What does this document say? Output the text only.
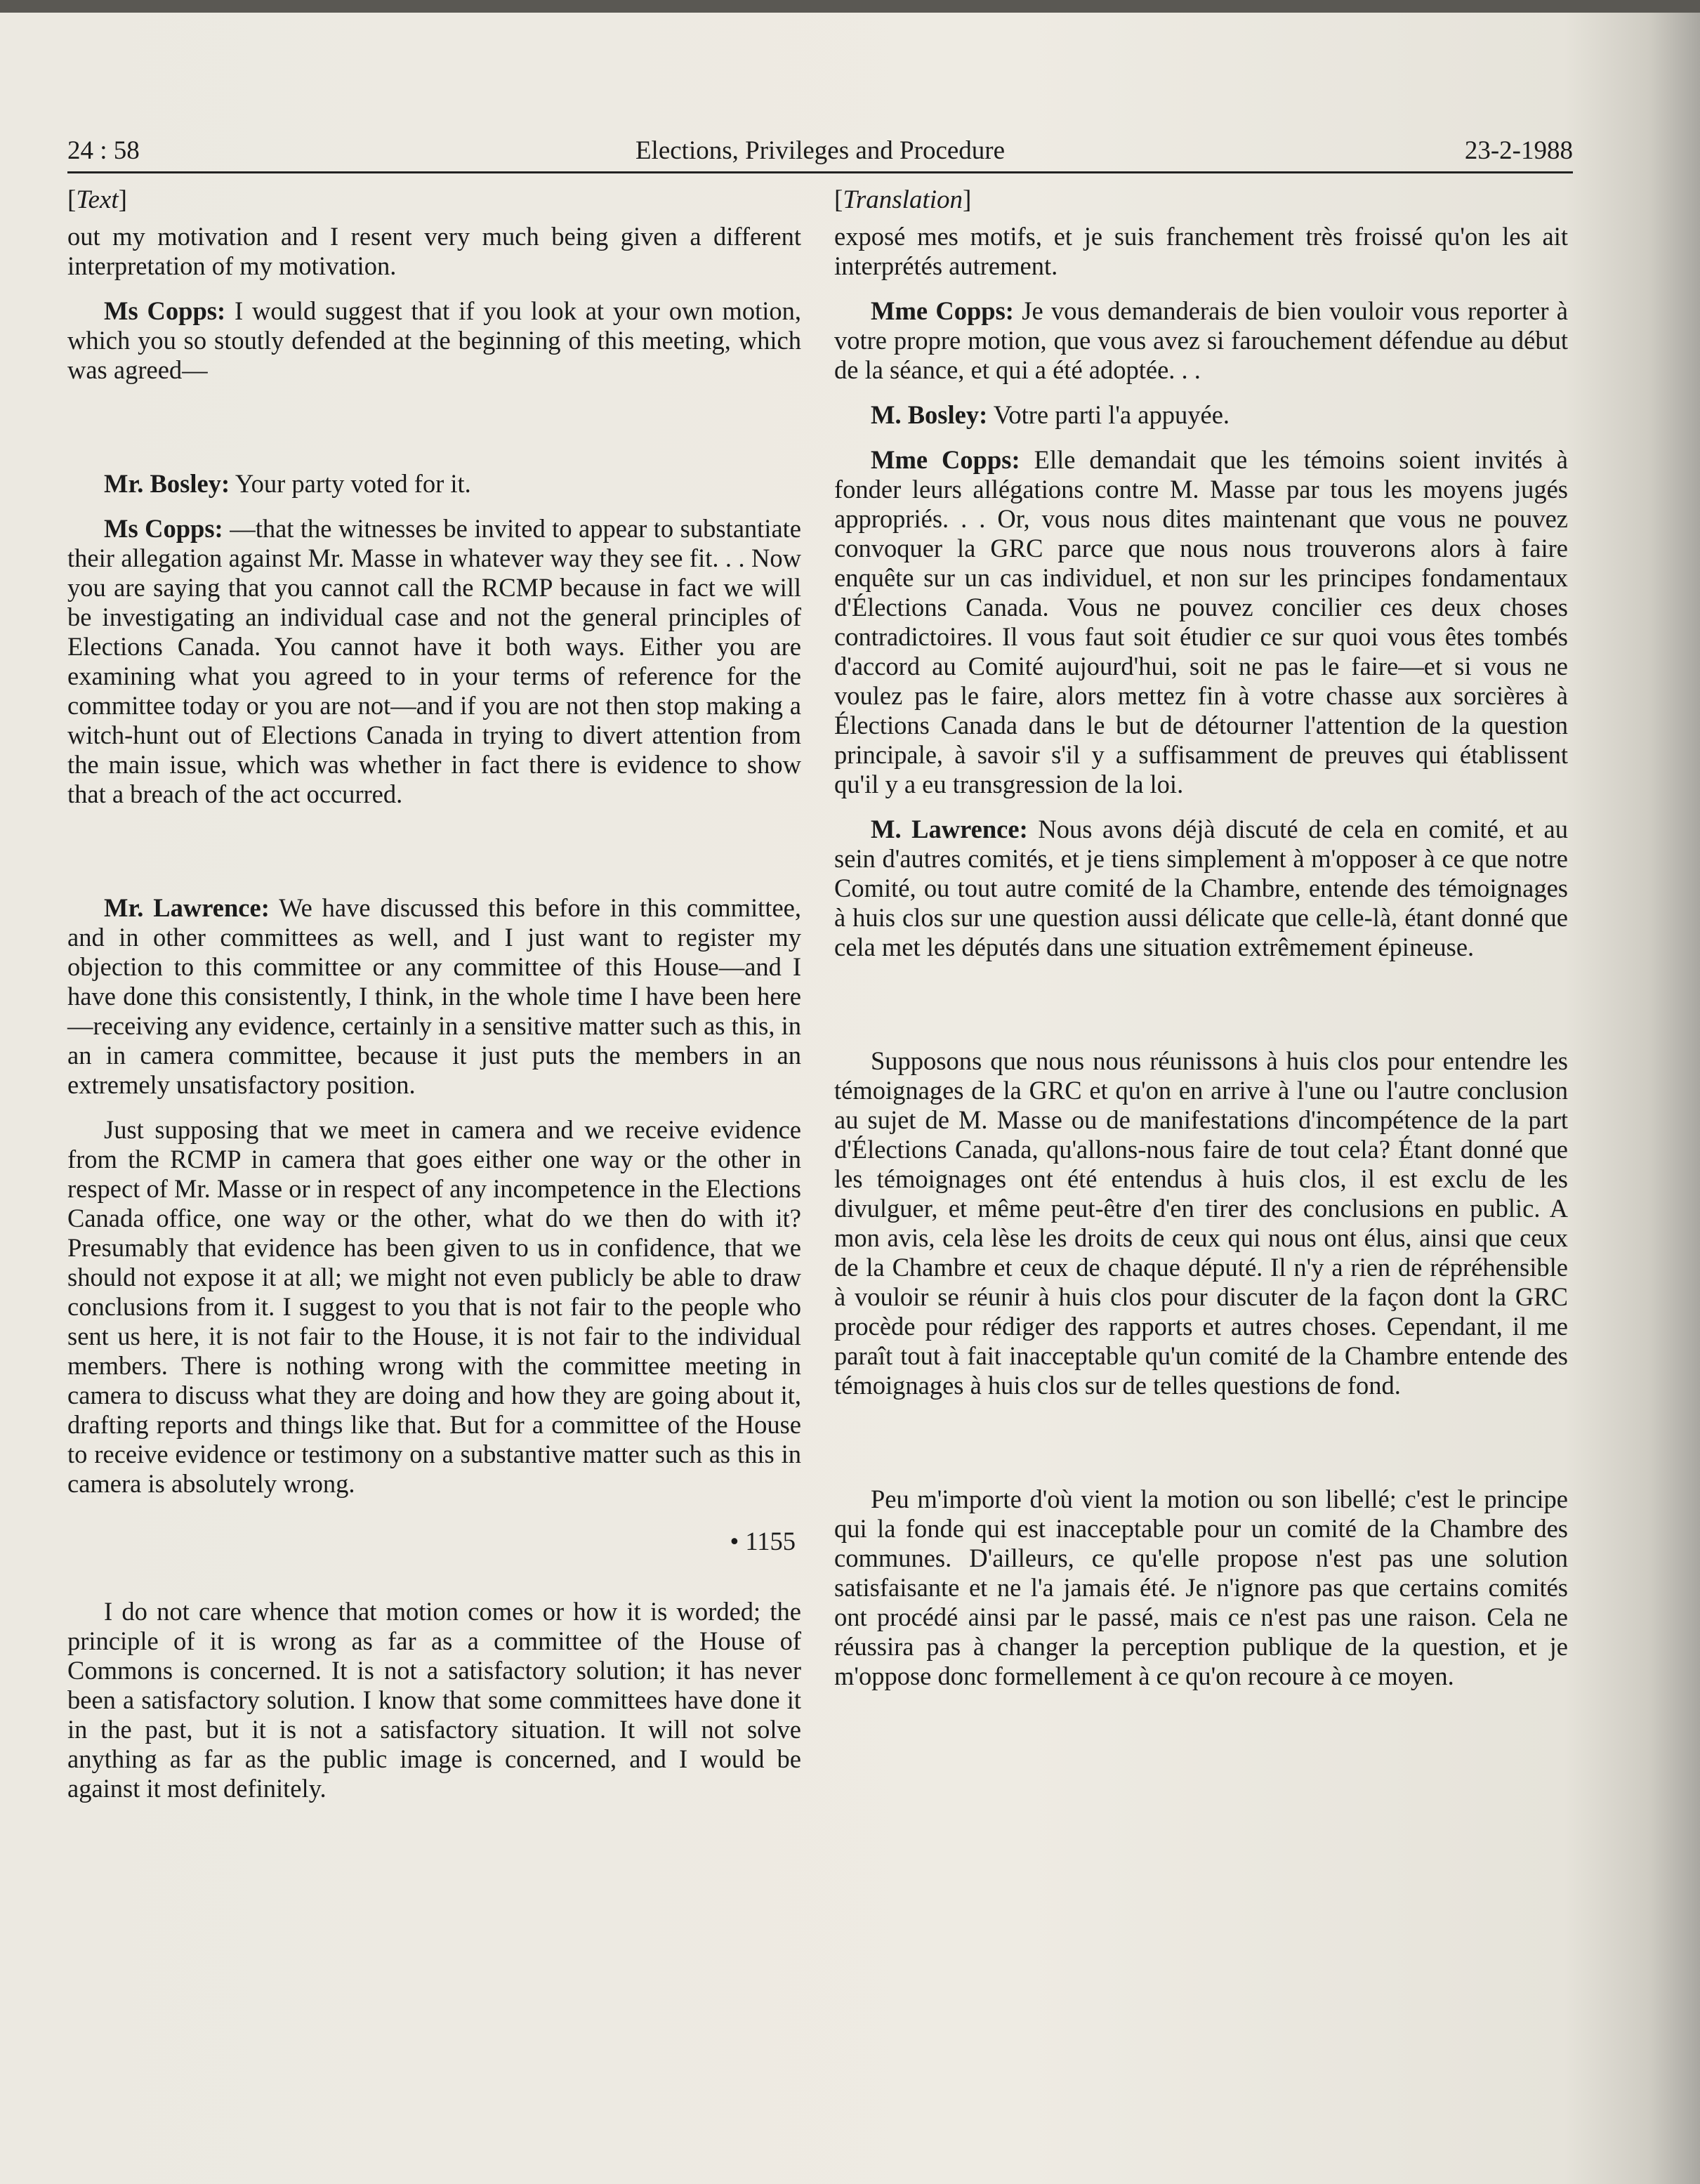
24 : 58	Elections, Privileges and Procedure	23-2-1988
[Text]

out my motivation and I resent very much being given a different interpretation of my motivation.

Ms Copps: I would suggest that if you look at your own motion, which you so stoutly defended at the beginning of this meeting, which was agreed—

Mr. Bosley: Your party voted for it.

Ms Copps: —that the witnesses be invited to appear to substantiate their allegation against Mr. Masse in whatever way they see fit. . . Now you are saying that you cannot call the RCMP because in fact we will be investigating an individual case and not the general principles of Elections Canada. You cannot have it both ways. Either you are examining what you agreed to in your terms of reference for the committee today or you are not—and if you are not then stop making a witch-hunt out of Elections Canada in trying to divert attention from the main issue, which was whether in fact there is evidence to show that a breach of the act occurred.

Mr. Lawrence: We have discussed this before in this committee, and in other committees as well, and I just want to register my objection to this committee or any committee of this House—and I have done this consistently, I think, in the whole time I have been here—receiving any evidence, certainly in a sensitive matter such as this, in an in camera committee, because it just puts the members in an extremely unsatisfactory position.

Just supposing that we meet in camera and we receive evidence from the RCMP in camera that goes either one way or the other in respect of Mr. Masse or in respect of any incompetence in the Elections Canada office, one way or the other, what do we then do with it? Presumably that evidence has been given to us in confidence, that we should not expose it at all; we might not even publicly be able to draw conclusions from it. I suggest to you that is not fair to the people who sent us here, it is not fair to the House, it is not fair to the individual members. There is nothing wrong with the committee meeting in camera to discuss what they are doing and how they are going about it, drafting reports and things like that. But for a committee of the House to receive evidence or testimony on a substantive matter such as this in camera is absolutely wrong.

• 1155

I do not care whence that motion comes or how it is worded; the principle of it is wrong as far as a committee of the House of Commons is concerned. It is not a satisfactory solution; it has never been a satisfactory solution. I know that some committees have done it in the past, but it is not a satisfactory situation. It will not solve anything as far as the public image is concerned, and I would be against it most definitely.

[Translation]

exposé mes motifs, et je suis franchement très froissé qu'on les ait interprétés autrement.

Mme Copps: Je vous demanderais de bien vouloir vous reporter à votre propre motion, que vous avez si farouchement défendue au début de la séance, et qui a été adoptée. . .

M. Bosley: Votre parti l'a appuyée.

Mme Copps: Elle demandait que les témoins soient invités à fonder leurs allégations contre M. Masse par tous les moyens jugés appropriés. . . Or, vous nous dites maintenant que vous ne pouvez convoquer la GRC parce que nous nous trouverons alors à faire enquête sur un cas individuel, et non sur les principes fondamentaux d'Élections Canada. Vous ne pouvez concilier ces deux choses contradictoires. Il vous faut soit étudier ce sur quoi vous êtes tombés d'accord au Comité aujourd'hui, soit ne pas le faire—et si vous ne voulez pas le faire, alors mettez fin à votre chasse aux sorcières à Élections Canada dans le but de détourner l'attention de la question principale, à savoir s'il y a suffisamment de preuves qui établissent qu'il y a eu transgression de la loi.

M. Lawrence: Nous avons déjà discuté de cela en comité, et au sein d'autres comités, et je tiens simplement à m'opposer à ce que notre Comité, ou tout autre comité de la Chambre, entende des témoignages à huis clos sur une question aussi délicate que celle-là, étant donné que cela met les députés dans une situation extrêmement épineuse.

Supposons que nous nous réunissons à huis clos pour entendre les témoignages de la GRC et qu'on en arrive à l'une ou l'autre conclusion au sujet de M. Masse ou de manifestations d'incompétence de la part d'Élections Canada, qu'allons-nous faire de tout cela? Étant donné que les témoignages ont été entendus à huis clos, il est exclu de les divulguer, et même peut-être d'en tirer des conclusions en public. A mon avis, cela lèse les droits de ceux qui nous ont élus, ainsi que ceux de la Chambre et ceux de chaque député. Il n'y a rien de répréhensible à vouloir se réunir à huis clos pour discuter de la façon dont la GRC procède pour rédiger des rapports et autres choses. Cependant, il me paraît tout à fait inacceptable qu'un comité de la Chambre entende des témoignages à huis clos sur de telles questions de fond.

Peu m'importe d'où vient la motion ou son libellé; c'est le principe qui la fonde qui est inacceptable pour un comité de la Chambre des communes. D'ailleurs, ce qu'elle propose n'est pas une solution satisfaisante et ne l'a jamais été. Je n'ignore pas que certains comités ont procédé ainsi par le passé, mais ce n'est pas une raison. Cela ne réussira pas à changer la perception publique de la question, et je m'oppose donc formellement à ce qu'on recoure à ce moyen.
